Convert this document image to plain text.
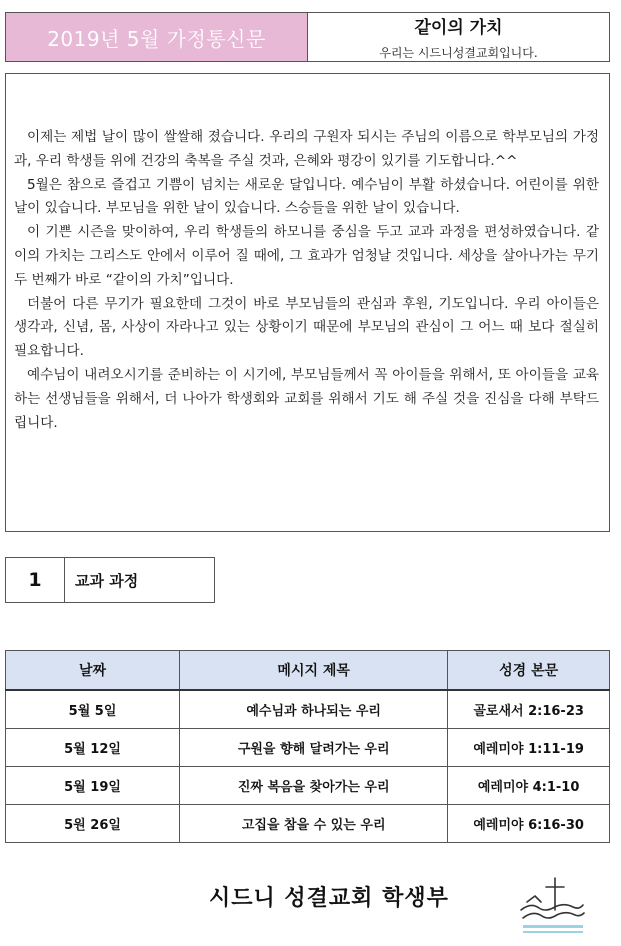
2019년 5월 가정통신문	같이의 가치
우리는 시드니성결교회입니다.

이제는 제법 날이 많이 쌀쌀해 졌습니다. 우리의 구원자 되시는 주님의 이름으로 학부모님의 가정과, 우리 학생들 위에 건강의 축복을 주실 것과, 은혜와 평강이 있기를 기도합니다.^^

5월은 참으로 즐겁고 기쁨이 넘치는 새로운 달입니다. 예수님이 부활 하셨습니다. 어린이를 위한 날이 있습니다. 부모님을 위한 날이 있습니다. 스승들을 위한 날이 있습니다.

이 기쁜 시즌을 맞이하여, 우리 학생들의 하모니를 중심을 두고 교과 과정을 편성하였습니다. 같이의 가치는 그리스도 안에서 이루어 질 때에, 그 효과가 엄청날 것입니다. 세상을 살아나가는 무기 두 번째가 바로 “같이의 가치”입니다.

더불어 다른 무기가 필요한데 그것이 바로 부모님들의 관심과 후원, 기도입니다. 우리 아이들은 생각과, 신념, 몸, 사상이 자라나고 있는 상황이기 때문에 부모님의 관심이 그 어느 때 보다 절실히 필요합니다.

예수님이 내려오시기를 준비하는 이 시기에, 부모님들께서 꼭 아이들을 위해서, 또 아이들을 교육하는 선생님들을 위해서, 더 나아가 학생회와 교회를 위해서 기도 해 주실 것을 진심을 다해 부탁드립니다.

1	교과 과정
날짜	메시지 제목	성경 본문
5월 5일	예수님과 하나되는 우리	골로새서 2:16-23
5월 12일	구원을 향해 달려가는 우리	예레미야 1:11-19
5월 19일	진짜 복음을 찾아가는 우리	예레미야 4:1-10
5원 26일	고집을 참을 수 있는 우리	예레미야 6:16-30
시드니 성결교회 학생부
